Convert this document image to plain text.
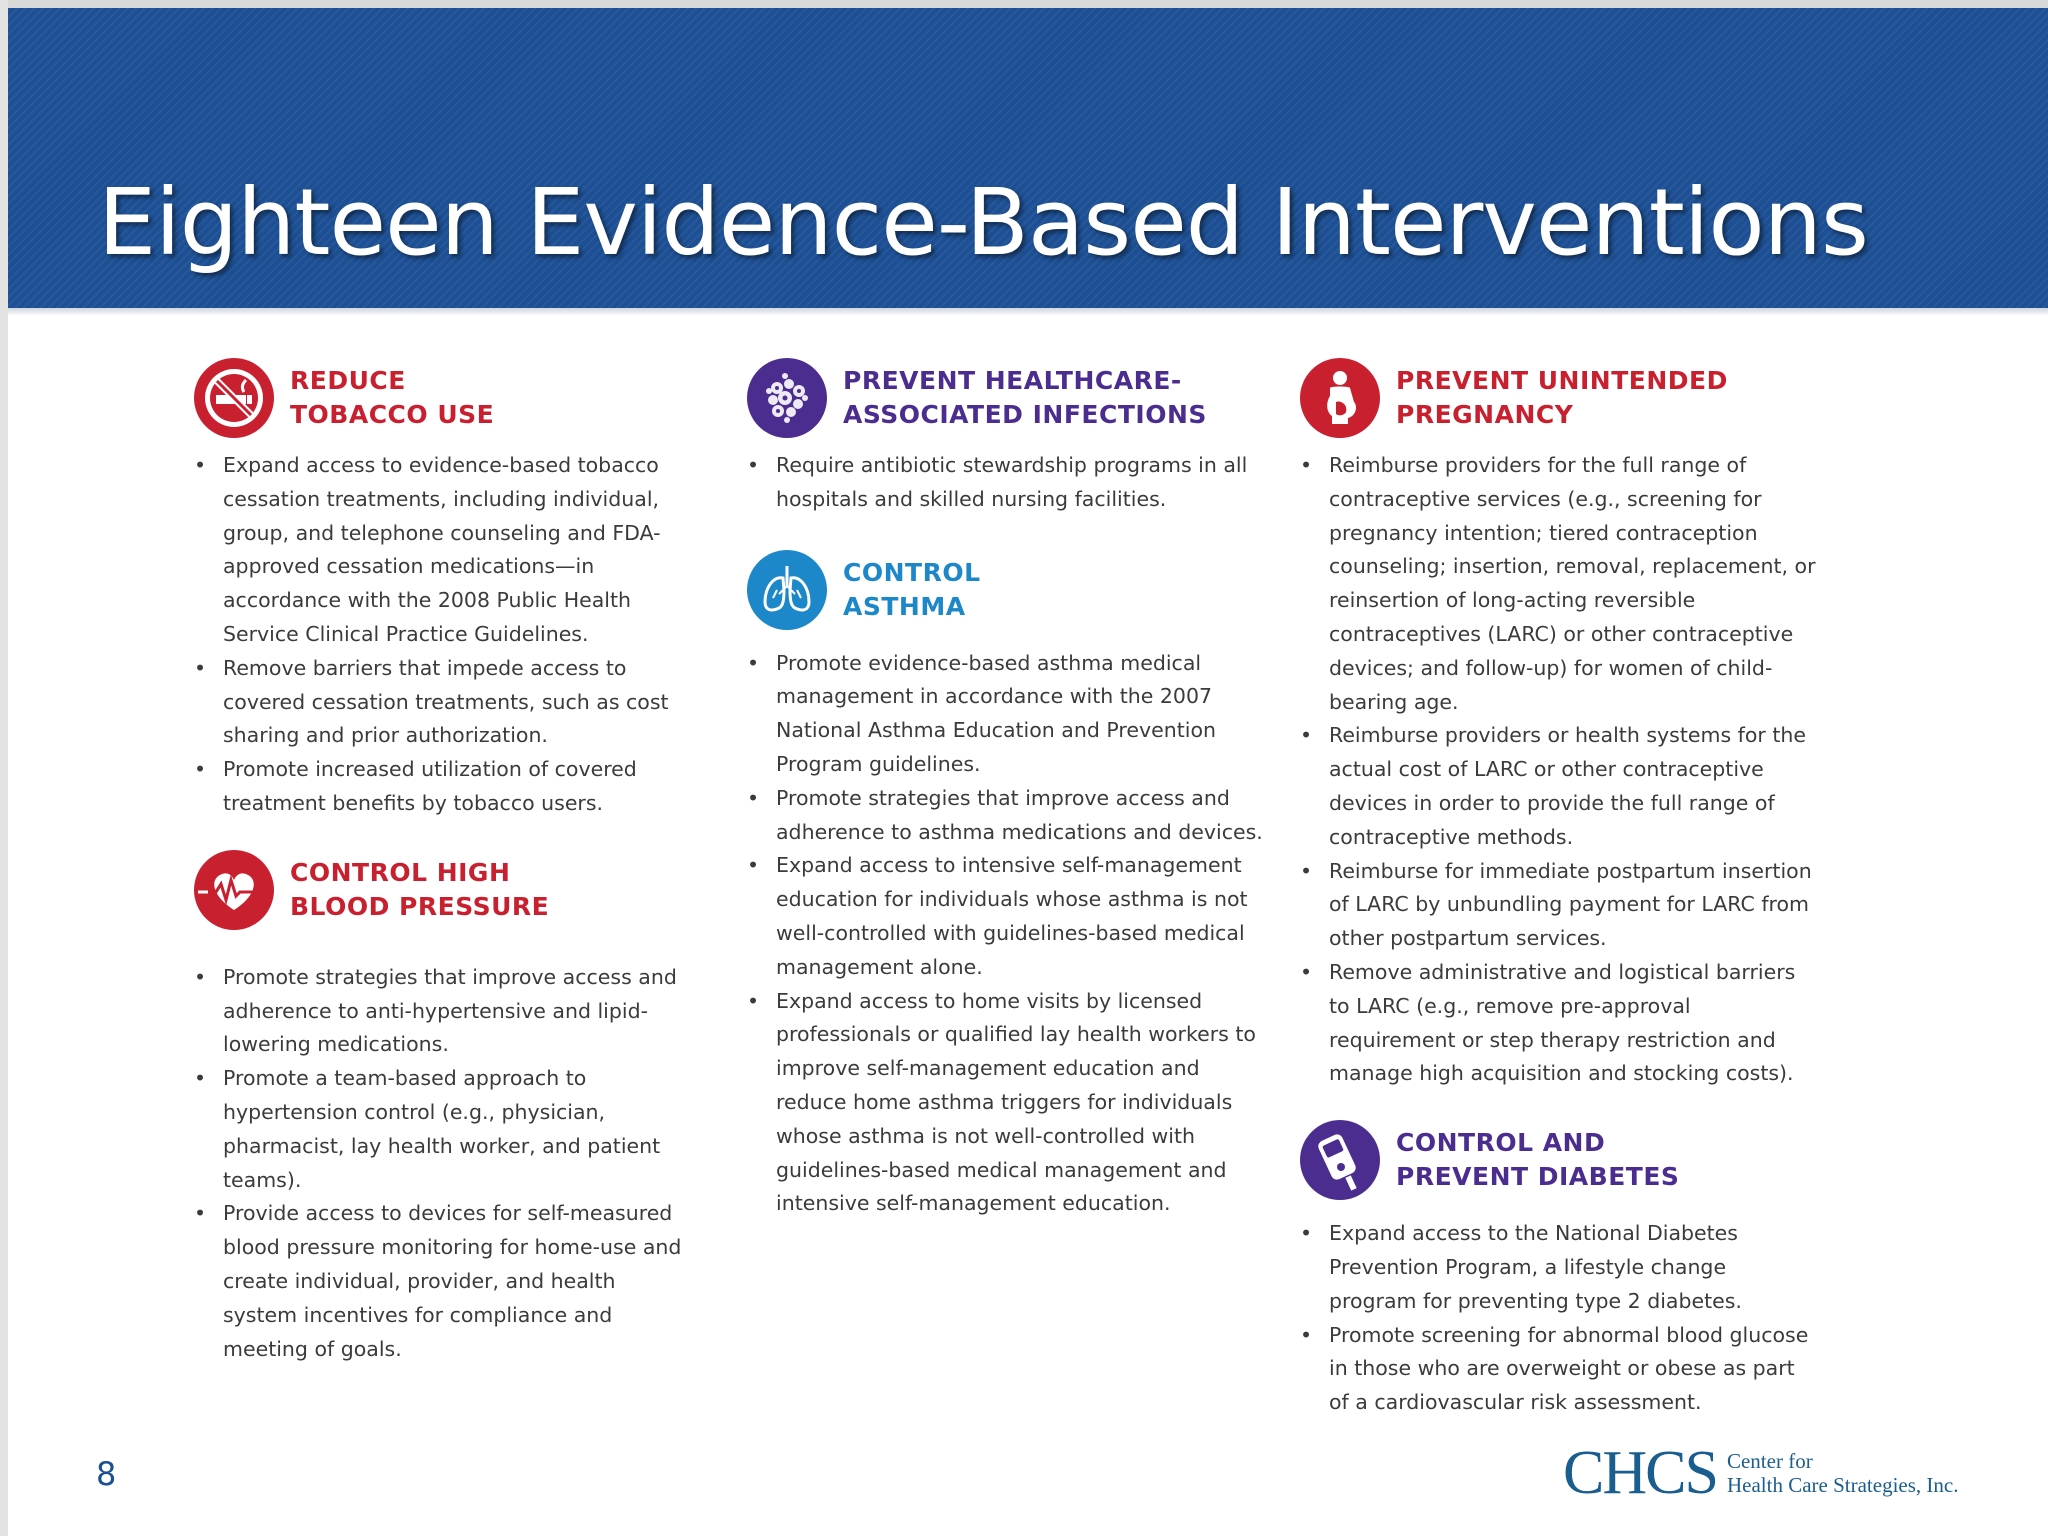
Eighteen Evidence-Based Interventions

REDUCE

TOBACCO USE

• Expand access to evidence-based tobacco cessation treatments, including individual, group, and telephone counseling and FDA-approved cessation medications—in accordance with the 2008 Public Health Service Clinical Practice Guidelines.
• Remove barriers that impede access to covered cessation treatments, such as cost sharing and prior authorization.
• Promote increased utilization of covered treatment benefits by tobacco users.

CONTROL HIGH

BLOOD PRESSURE

• Promote strategies that improve access and adherence to anti-hypertensive and lipid- lowering medications.
• Promote a team-based approach to hypertension control (e.g., physician, pharmacist, lay health worker, and patient teams).
• Provide access to devices for self-measured blood pressure monitoring for home-use and create individual, provider, and health system incentives for compliance and meeting of goals.

PREVENT HEALTHCARE-

ASSOCIATED INFECTIONS

• Require antibiotic stewardship programs in all hospitals and skilled nursing facilities.

CONTROL

ASTHMA

• Promote evidence-based asthma medical management in accordance with the 2007 National Asthma Education and Prevention Program guidelines.
• Promote strategies that improve access and adherence to asthma medications and devices.
• Expand access to intensive self-management education for individuals whose asthma is not well-controlled with guidelines-based medical management alone.
• Expand access to home visits by licensed professionals or qualified lay health workers to improve self-management education and reduce home asthma triggers for individuals whose asthma is not well-controlled with guidelines-based medical management and intensive self-management education.

PREVENT UNINTENDED

PREGNANCY

• Reimburse providers for the full range of contraceptive services (e.g., screening for pregnancy intention; tiered contraception counseling; insertion, removal, replacement, or reinsertion of long-acting reversible contraceptives (LARC) or other contraceptive devices; and follow-up) for women of child-bearing age.
• Reimburse providers or health systems for the actual cost of LARC or other contraceptive devices in order to provide the full range of contraceptive methods.
• Reimburse for immediate postpartum insertion of LARC by unbundling payment for LARC from other postpartum services.
• Remove administrative and logistical barriers to LARC (e.g., remove pre-approval requirement or step therapy restriction and manage high acquisition and stocking costs).

CONTROL AND

PREVENT DIABETES

• Expand access to the National Diabetes Prevention Program, a lifestyle change program for preventing type 2 diabetes.
• Promote screening for abnormal blood glucose in those who are overweight or obese as part of a cardiovascular risk assessment.
8	CHCS Center for
Health Care Strategies, Inc.
